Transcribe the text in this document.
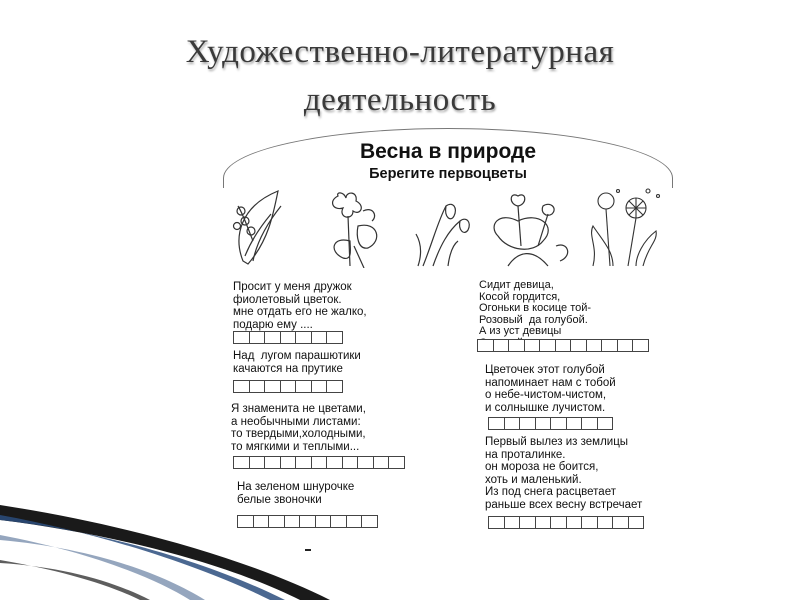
Художественно-литературная
деятельность
Весна в природе
Берегите первоцветы
Просит у меня дружок
фиолетовый цветок.
мне отдать его не жалко,
подарю ему ....
Над  лугом парашютики
качаются на прутике
Я знаменита не цветами,
а необычными листами:
то твердыми,холодными,
то мягкими и теплыми...
На зеленом шнурочке
белые звоночки
Сидит девица,
Косой гордится,
Огоньки в косице той-
Розовый  да голубой.
А из уст девицы

Цветочек этот голубой
напоминает нам с тобой
о небе-чистом-чистом,
и солнышке лучистом.
Первый вылез из землицы
на проталинке.
он мороза не боится,
хоть и маленький.
Из под снега расцветает
раньше всех весну встречает
